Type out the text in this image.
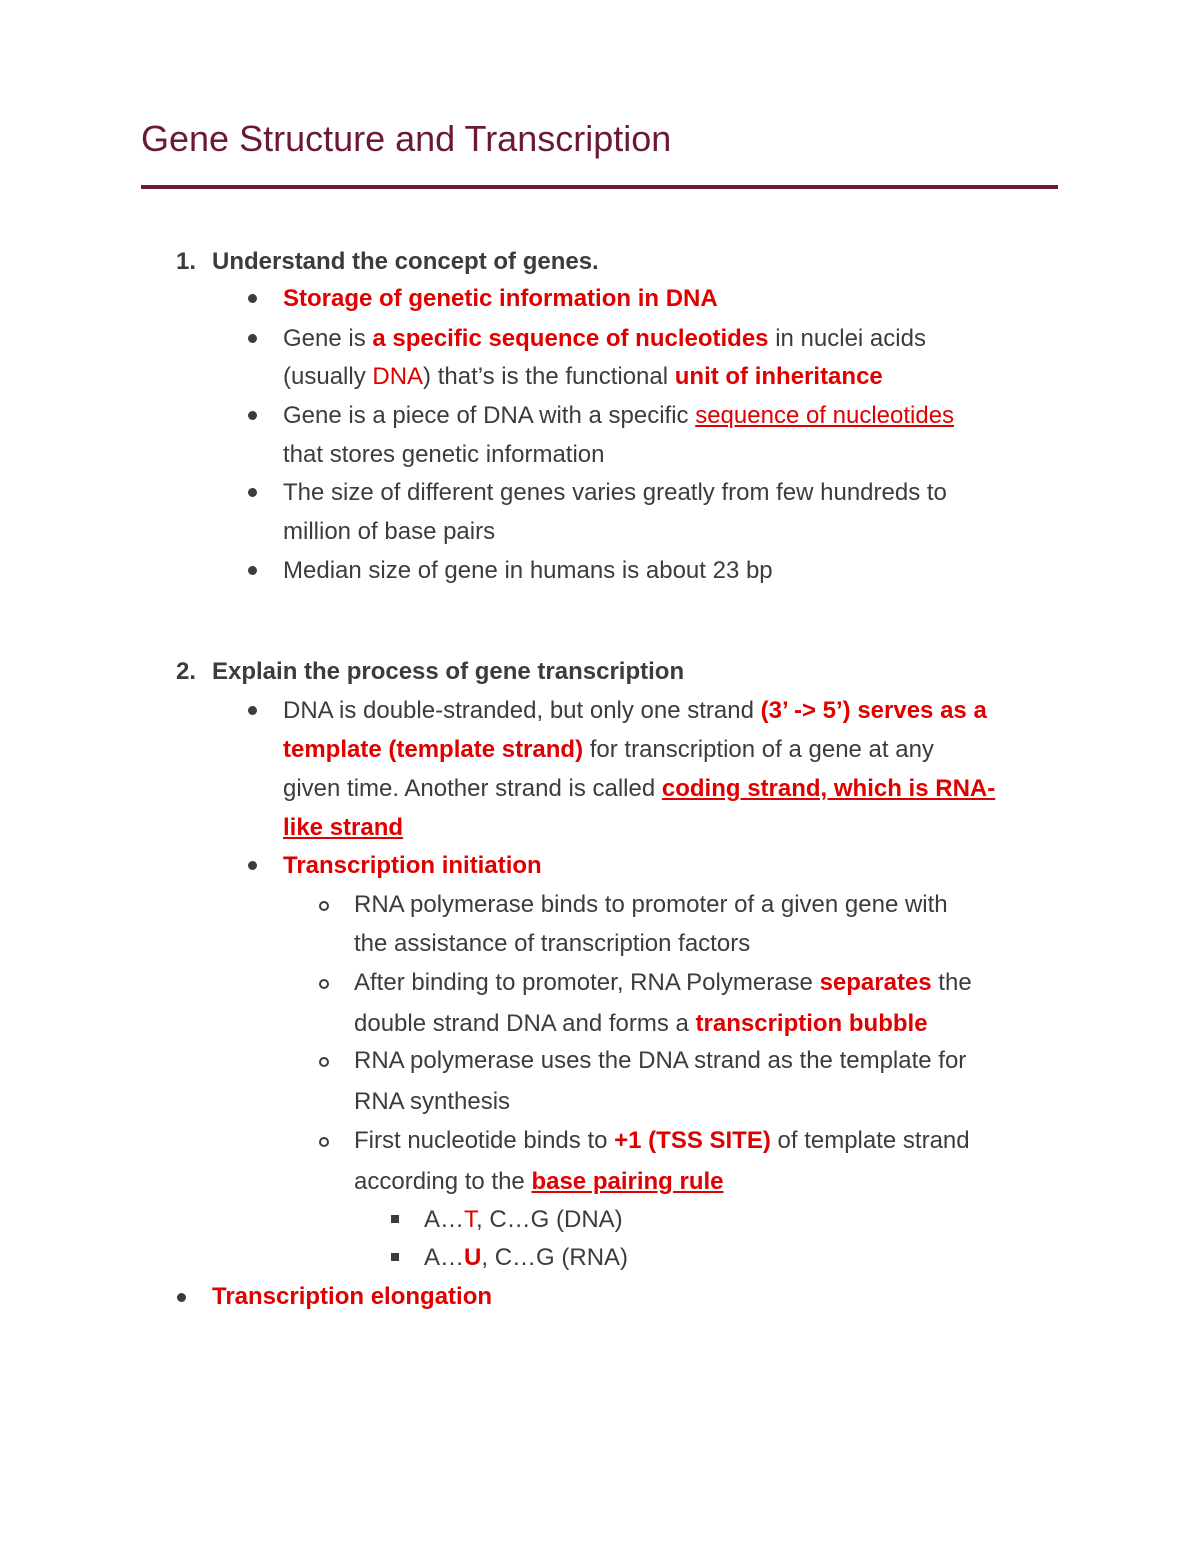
Gene Structure and Transcription
1. Understand the concept of genes.
Storage of genetic information in DNA
Gene is a specific sequence of nucleotides in nuclei acids
(usually DNA) that’s is the functional unit of inheritance
Gene is a piece of DNA with a specific sequence of nucleotides
that stores genetic information
The size of different genes varies greatly from few hundreds to
million of base pairs
Median size of gene in humans is about 23 bp
2. Explain the process of gene transcription
DNA is double-stranded, but only one strand (3’ -> 5’) serves as a
template (template strand) for transcription of a gene at any
given time. Another strand is called coding strand, which is RNA-
like strand
Transcription initiation
RNA polymerase binds to promoter of a given gene with
the assistance of transcription factors
After binding to promoter, RNA Polymerase separates the
double strand DNA and forms a transcription bubble
RNA polymerase uses the DNA strand as the template for
RNA synthesis
First nucleotide binds to +1 (TSS SITE) of template strand
according to the base pairing rule
A…T, C…G (DNA)
A…U, C…G (RNA)
Transcription elongation
